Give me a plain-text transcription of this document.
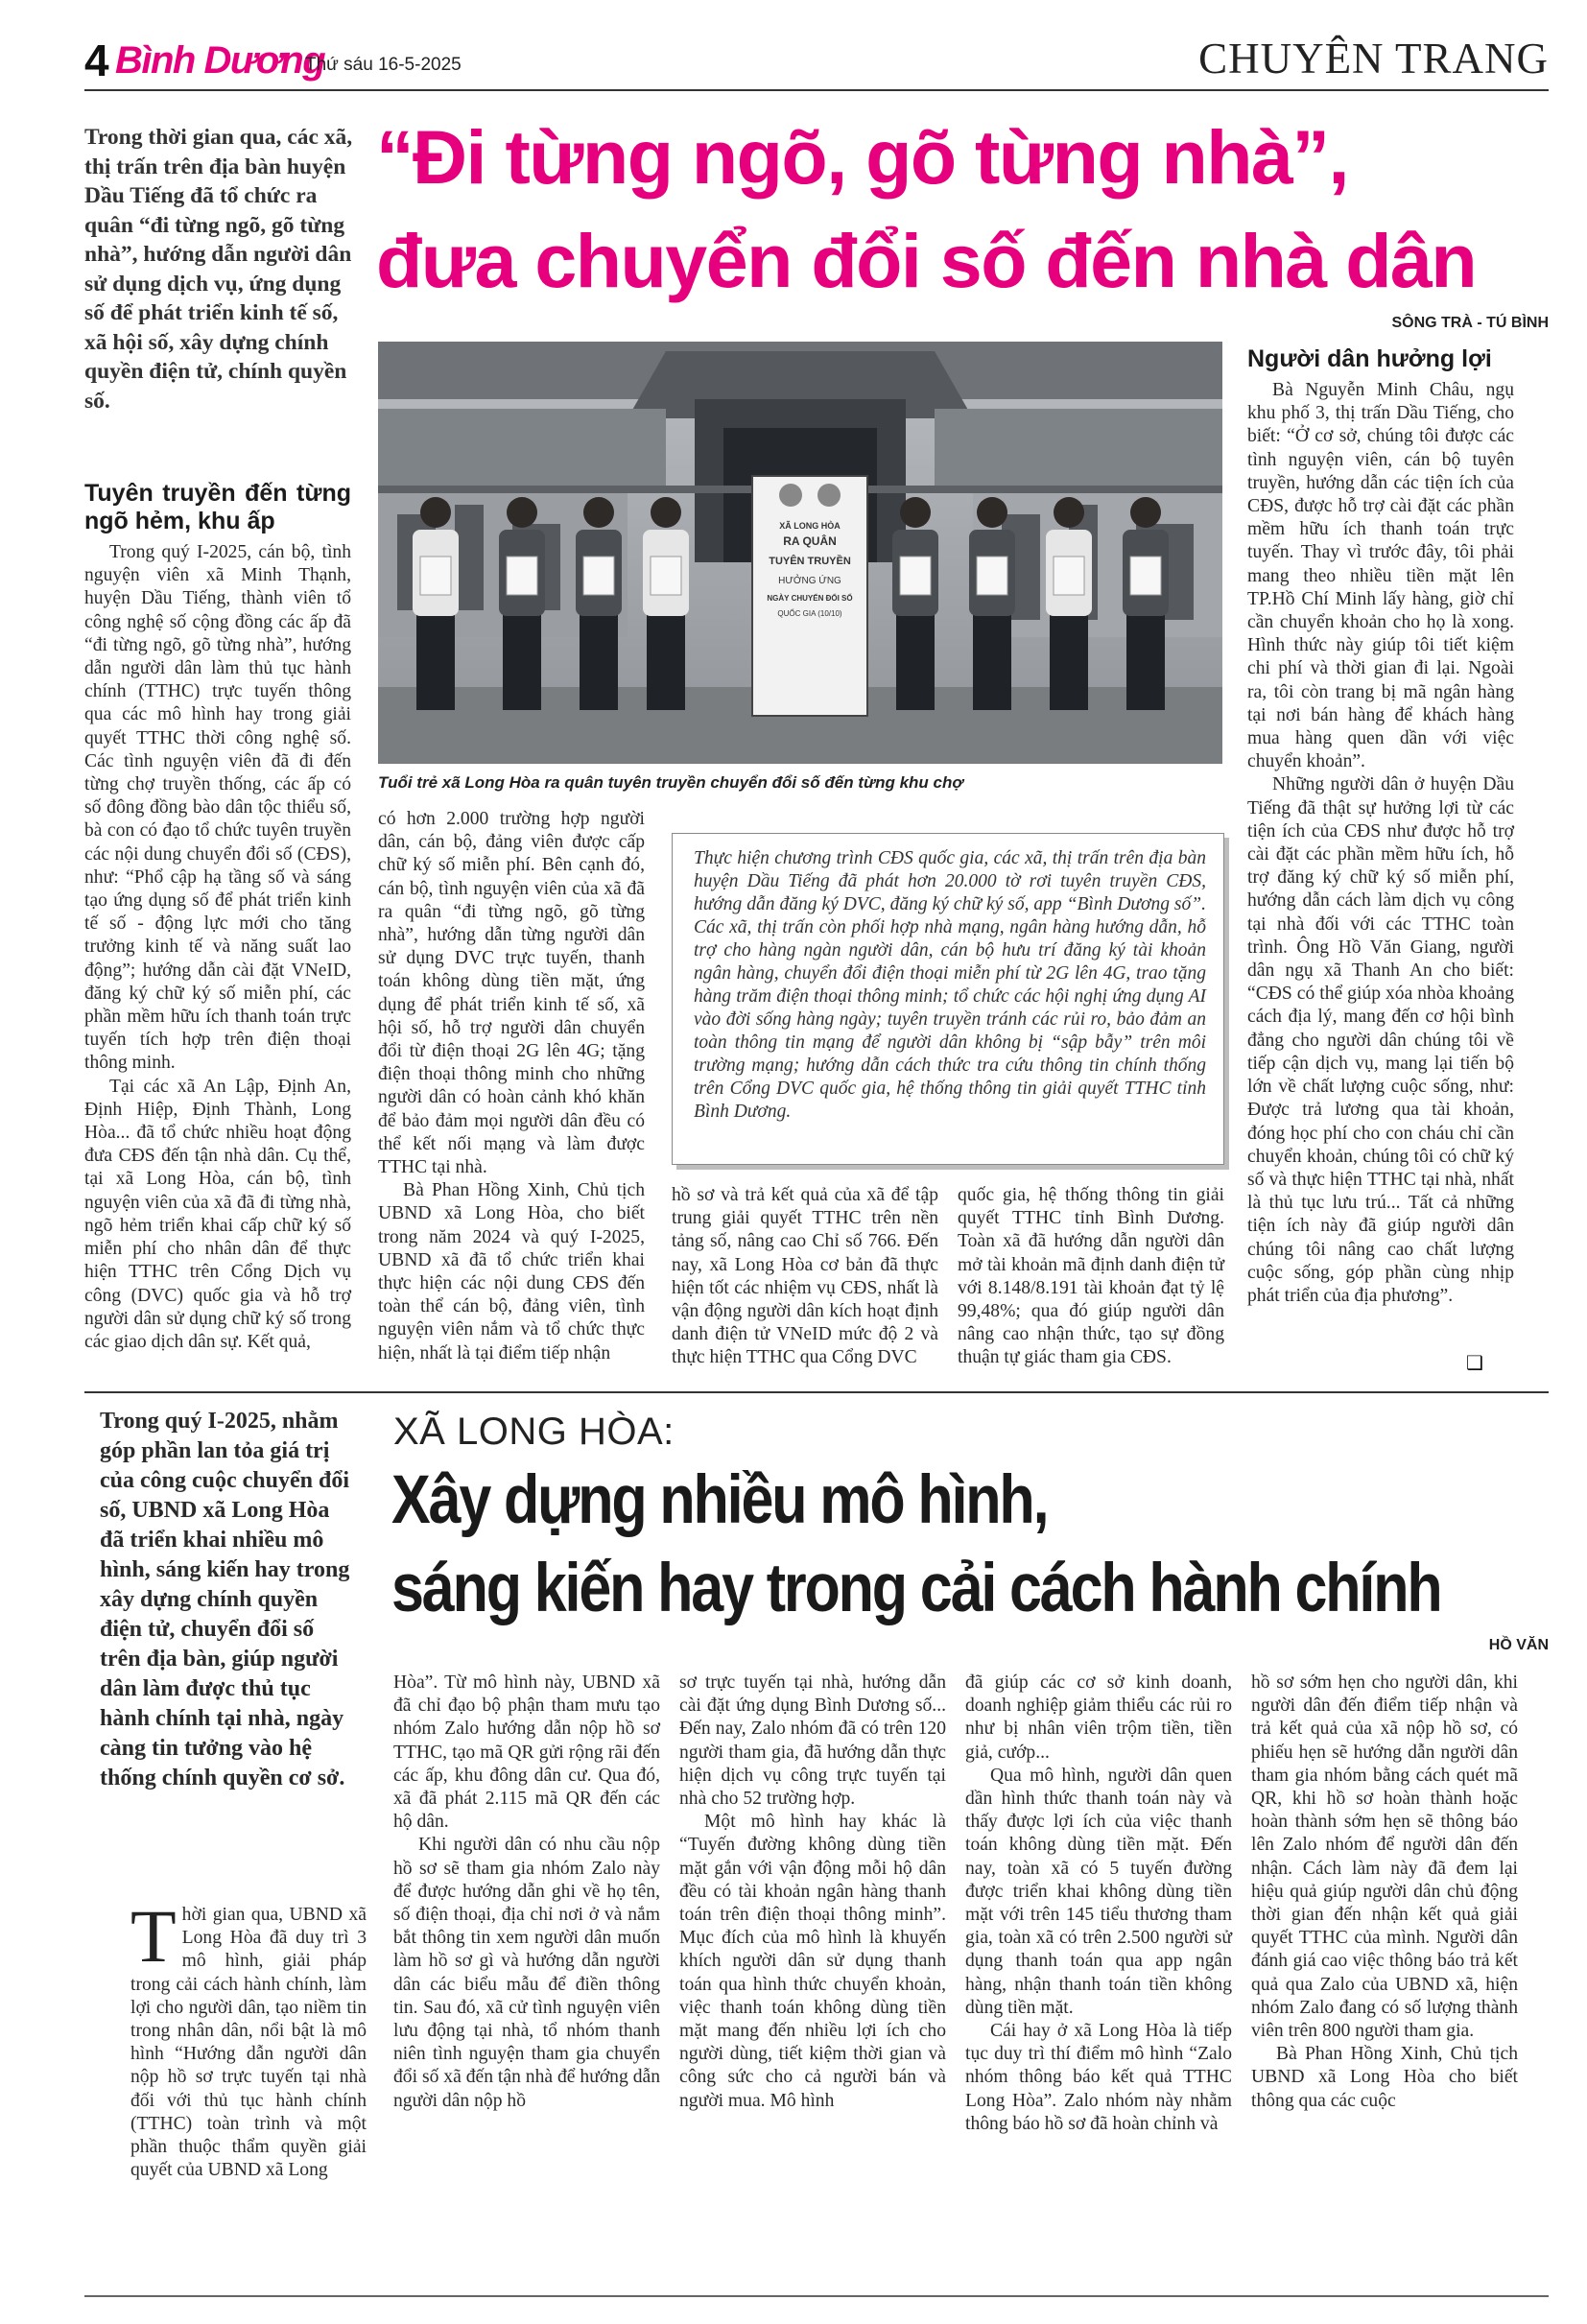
4 Bình Dương
Thứ sáu 16-5-2025	CHUYÊN TRANG
Trong thời gian qua, các xã, thị trấn trên địa bàn huyện Dầu Tiếng đã tổ chức ra quân “đi từng ngõ, gõ từng nhà”, hướng dẫn người dân sử dụng dịch vụ, ứng dụng số để phát triển kinh tế số, xã hội số, xây dựng chính quyền điện tử, chính quyền số.
“Đi từng ngõ, gõ từng nhà”,
đưa chuyển đổi số đến nhà dân
SÔNG TRÀ - TÚ BÌNH
Tuyên truyền đến từng ngõ hẻm, khu ấp

Trong quý I-2025, cán bộ, tình nguyện viên xã Minh Thạnh, huyện Dầu Tiếng, thành viên tổ công nghệ số cộng đồng các ấp đã “đi từng ngõ, gõ từng nhà”, hướng dẫn người dân làm thủ tục hành chính (TTHC) trực tuyến thông qua các mô hình hay trong giải quyết TTHC thời công nghệ số. Các tình nguyện viên đã đi đến từng chợ truyền thống, các ấp có số đông đồng bào dân tộc thiểu số, bà con có đạo tổ chức tuyên truyền các nội dung chuyển đổi số (CĐS), như: “Phổ cập hạ tầng số và sáng tạo ứng dụng số để phát triển kinh tế số - động lực mới cho tăng trưởng kinh tế và năng suất lao động”; hướng dẫn cài đặt VNeID, đăng ký chữ ký số miễn phí, các phần mềm hữu ích thanh toán trực tuyến tích hợp trên điện thoại thông minh.

Tại các xã An Lập, Định An, Định Hiệp, Định Thành, Long Hòa... đã tổ chức nhiều hoạt động đưa CĐS đến tận nhà dân. Cụ thể, tại xã Long Hòa, cán bộ, tình nguyện viên của xã đã đi từng nhà, ngõ hẻm triển khai cấp chữ ký số miễn phí cho nhân dân để thực hiện TTHC trên Cổng Dịch vụ công (DVC) quốc gia và hỗ trợ người dân sử dụng chữ ký số trong các giao dịch dân sự. Kết quả,

XÃ LONG HÒA
RA QUÂN
TUYÊN TRUYỀN
HƯỞNG ỨNG
NGÀY CHUYỂN ĐỔI SỐ
QUỐC GIA (10/10)
Tuổi trẻ xã Long Hòa ra quân tuyên truyền chuyển đổi số đến từng khu chợ

có hơn 2.000 trường hợp người dân, cán bộ, đảng viên được cấp chữ ký số miễn phí. Bên cạnh đó, cán bộ, tình nguyện viên của xã đã ra quân “đi từng ngõ, gõ từng nhà”, hướng dẫn từng người dân sử dụng DVC trực tuyến, thanh toán không dùng tiền mặt, ứng dụng để phát triển kinh tế số, xã hội số, hỗ trợ người dân chuyển đổi từ điện thoại 2G lên 4G; tặng điện thoại thông minh cho những người dân có hoàn cảnh khó khăn để bảo đảm mọi người dân đều có thể kết nối mạng và làm được TTHC tại nhà.

Bà Phan Hồng Xinh, Chủ tịch UBND xã Long Hòa, cho biết trong năm 2024 và quý I-2025, UBND xã đã tổ chức triển khai thực hiện các nội dung CĐS đến toàn thể cán bộ, đảng viên, tình nguyện viên nắm và tổ chức thực hiện, nhất là tại điểm tiếp nhận

Thực hiện chương trình CĐS quốc gia, các xã, thị trấn trên địa bàn huyện Dầu Tiếng đã phát hơn 20.000 tờ rơi tuyên truyền CĐS, hướng dẫn đăng ký DVC, đăng ký chữ ký số, app “Bình Dương số”. Các xã, thị trấn còn phối hợp nhà mạng, ngân hàng hướng dẫn, hỗ trợ cho hàng ngàn người dân, cán bộ hưu trí đăng ký tài khoản ngân hàng, chuyển đổi điện thoại miễn phí từ 2G lên 4G, trao tặng hàng trăm điện thoại thông minh; tổ chức các hội nghị ứng dụng AI vào đời sống hàng ngày; tuyên truyền tránh các rủi ro, bảo đảm an toàn thông tin mạng để người dân không bị “sập bẫy” trên môi trường mạng; hướng dẫn cách thức tra cứu thông tin chính thống trên Cổng DVC quốc gia, hệ thống thông tin giải quyết TTHC tỉnh Bình Dương.

hồ sơ và trả kết quả của xã để tập trung giải quyết TTHC trên nền tảng số, nâng cao Chỉ số 766. Đến nay, xã Long Hòa cơ bản đã thực hiện tốt các nhiệm vụ CĐS, nhất là vận động người dân kích hoạt định danh điện tử VNeID mức độ 2 và thực hiện TTHC qua Cổng DVC

quốc gia, hệ thống thông tin giải quyết TTHC tỉnh Bình Dương. Toàn xã đã hướng dẫn người dân mở tài khoản mã định danh điện tử với 8.148/8.191 tài khoản đạt tỷ lệ 99,48%; qua đó giúp người dân nâng cao nhận thức, tạo sự đồng thuận tự giác tham gia CĐS.

Người dân hưởng lợi

Bà Nguyễn Minh Châu, ngụ khu phố 3, thị trấn Dầu Tiếng, cho biết: “Ở cơ sở, chúng tôi được các tình nguyện viên, cán bộ tuyên truyền, hướng dẫn các tiện ích của CĐS, được hỗ trợ cài đặt các phần mềm hữu ích thanh toán trực tuyến. Thay vì trước đây, tôi phải mang theo nhiều tiền mặt lên TP.Hồ Chí Minh lấy hàng, giờ chỉ cần chuyển khoản cho họ là xong. Hình thức này giúp tôi tiết kiệm chi phí và thời gian đi lại. Ngoài ra, tôi còn trang bị mã ngân hàng tại nơi bán hàng để khách hàng mua hàng quen dần với việc chuyển khoản”.

Những người dân ở huyện Dầu Tiếng đã thật sự hưởng lợi từ các tiện ích của CĐS như được hỗ trợ cài đặt các phần mềm hữu ích, hỗ trợ đăng ký chữ ký số miễn phí, hướng dẫn cách làm dịch vụ công tại nhà đối với các TTHC toàn trình. Ông Hồ Văn Giang, người dân ngụ xã Thanh An cho biết: “CĐS có thể giúp xóa nhòa khoảng cách địa lý, mang đến cơ hội bình đẳng cho người dân chúng tôi về tiếp cận dịch vụ, mang lại tiến bộ lớn về chất lượng cuộc sống, như: Được trả lương qua tài khoản, đóng học phí cho con cháu chỉ cần chuyển khoản, chúng tôi có chữ ký số và thực hiện TTHC tại nhà, nhất là thủ tục lưu trú... Tất cả những tiện ích này đã giúp người dân chúng tôi nâng cao chất lượng cuộc sống, góp phần cùng nhịp phát triển của địa phương”.

❑
Trong quý I-2025, nhằm góp phần lan tỏa giá trị của công cuộc chuyển đổi số, UBND xã Long Hòa đã triển khai nhiều mô hình, sáng kiến hay trong xây dựng chính quyền điện tử, chuyển đổi số trên địa bàn, giúp người dân làm được thủ tục hành chính tại nhà, ngày càng tin tưởng vào hệ thống chính quyền cơ sở.
XÃ LONG HÒA:
Xây dựng nhiều mô hình,
sáng kiến hay trong cải cách hành chính
HỒ VĂN
T hời gian qua, UBND xã Long Hòa đã duy trì 3 mô hình, giải pháp trong cải cách hành chính, làm lợi cho người dân, tạo niềm tin trong nhân dân, nổi bật là mô hình “Hướng dẫn người dân nộp hồ sơ trực tuyến tại nhà đối với thủ tục hành chính (TTHC) toàn trình và một phần thuộc thẩm quyền giải quyết của UBND xã Long

Hòa”. Từ mô hình này, UBND xã đã chỉ đạo bộ phận tham mưu tạo nhóm Zalo hướng dẫn nộp hồ sơ TTHC, tạo mã QR gửi rộng rãi đến các ấp, khu đông dân cư. Qua đó, xã đã phát 2.115 mã QR đến các hộ dân.

Khi người dân có nhu cầu nộp hồ sơ sẽ tham gia nhóm Zalo này để được hướng dẫn ghi về họ tên, số điện thoại, địa chỉ nơi ở và nắm bắt thông tin xem người dân muốn làm hồ sơ gì và hướng dẫn người dân các biểu mẫu để điền thông tin. Sau đó, xã cử tình nguyện viên lưu động tại nhà, tổ nhóm thanh niên tình nguyện tham gia chuyển đổi số xã đến tận nhà để hướng dẫn người dân nộp hồ

sơ trực tuyến tại nhà, hướng dẫn cài đặt ứng dụng Bình Dương số... Đến nay, Zalo nhóm đã có trên 120 người tham gia, đã hướng dẫn thực hiện dịch vụ công trực tuyến tại nhà cho 52 trường hợp.

Một mô hình hay khác là “Tuyến đường không dùng tiền mặt gắn với vận động mỗi hộ dân đều có tài khoản ngân hàng thanh toán trên điện thoại thông minh”. Mục đích của mô hình là khuyến khích người dân sử dụng thanh toán qua hình thức chuyển khoản, việc thanh toán không dùng tiền mặt mang đến nhiều lợi ích cho người dùng, tiết kiệm thời gian và công sức cho cả người bán và người mua. Mô hình

đã giúp các cơ sở kinh doanh, doanh nghiệp giảm thiểu các rủi ro như bị nhân viên trộm tiền, tiền giả, cướp...

Qua mô hình, người dân quen dần hình thức thanh toán này và thấy được lợi ích của việc thanh toán không dùng tiền mặt. Đến nay, toàn xã có 5 tuyến đường được triển khai không dùng tiền mặt với trên 145 tiểu thương tham gia, toàn xã có trên 2.500 người sử dụng thanh toán qua app ngân hàng, nhận thanh toán tiền không dùng tiền mặt.

Cái hay ở xã Long Hòa là tiếp tục duy trì thí điểm mô hình “Zalo nhóm thông báo kết quả TTHC Long Hòa”. Zalo nhóm này nhằm thông báo hồ sơ đã hoàn chỉnh và

hồ sơ sớm hẹn cho người dân, khi người dân đến điểm tiếp nhận và trả kết quả của xã nộp hồ sơ, có phiếu hẹn sẽ hướng dẫn người dân tham gia nhóm bằng cách quét mã QR, khi hồ sơ hoàn thành hoặc hoàn thành sớm hẹn sẽ thông báo lên Zalo nhóm để người dân đến nhận. Cách làm này đã đem lại hiệu quả giúp người dân chủ động thời gian đến nhận kết quả giải quyết TTHC của mình. Người dân đánh giá cao việc thông báo trả kết quả qua Zalo của UBND xã, hiện nhóm Zalo đang có số lượng thành viên trên 800 người tham gia.

Bà Phan Hồng Xinh, Chủ tịch UBND xã Long Hòa cho biết thông qua các cuộc
